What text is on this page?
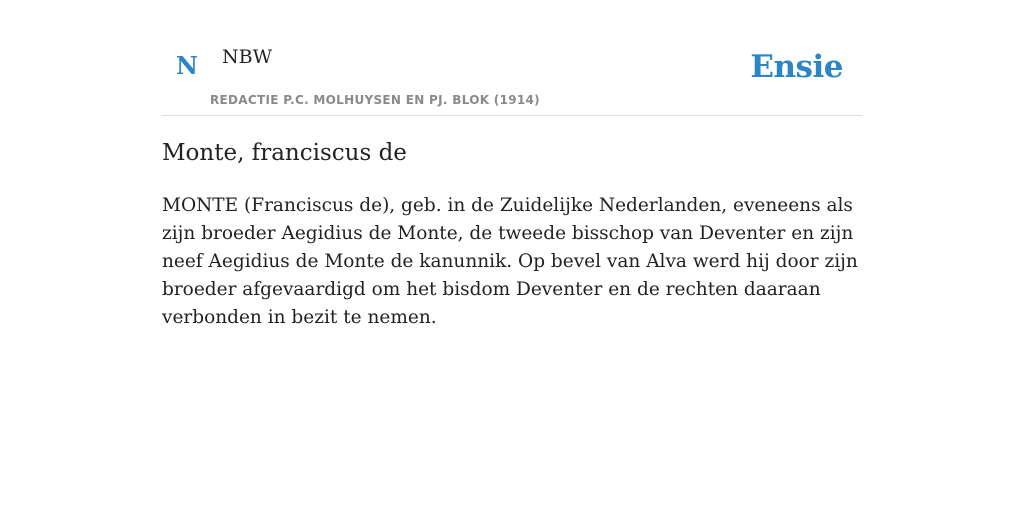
N NBW
REDACTIE P.C. MOLHUYSEN EN PJ. BLOK (1914)
Ensie
Monte, franciscus de

MONTE (Franciscus de), geb. in de Zuidelijke Nederlanden, eveneens als zijn broeder Aegidius de Monte, de tweede bisschop van Deventer en zijn neef Aegidius de Monte de kanunnik. Op bevel van Alva werd hij door zijn broeder afgevaardigd om het bisdom Deventer en de rechten daaraan verbonden in bezit te nemen.
